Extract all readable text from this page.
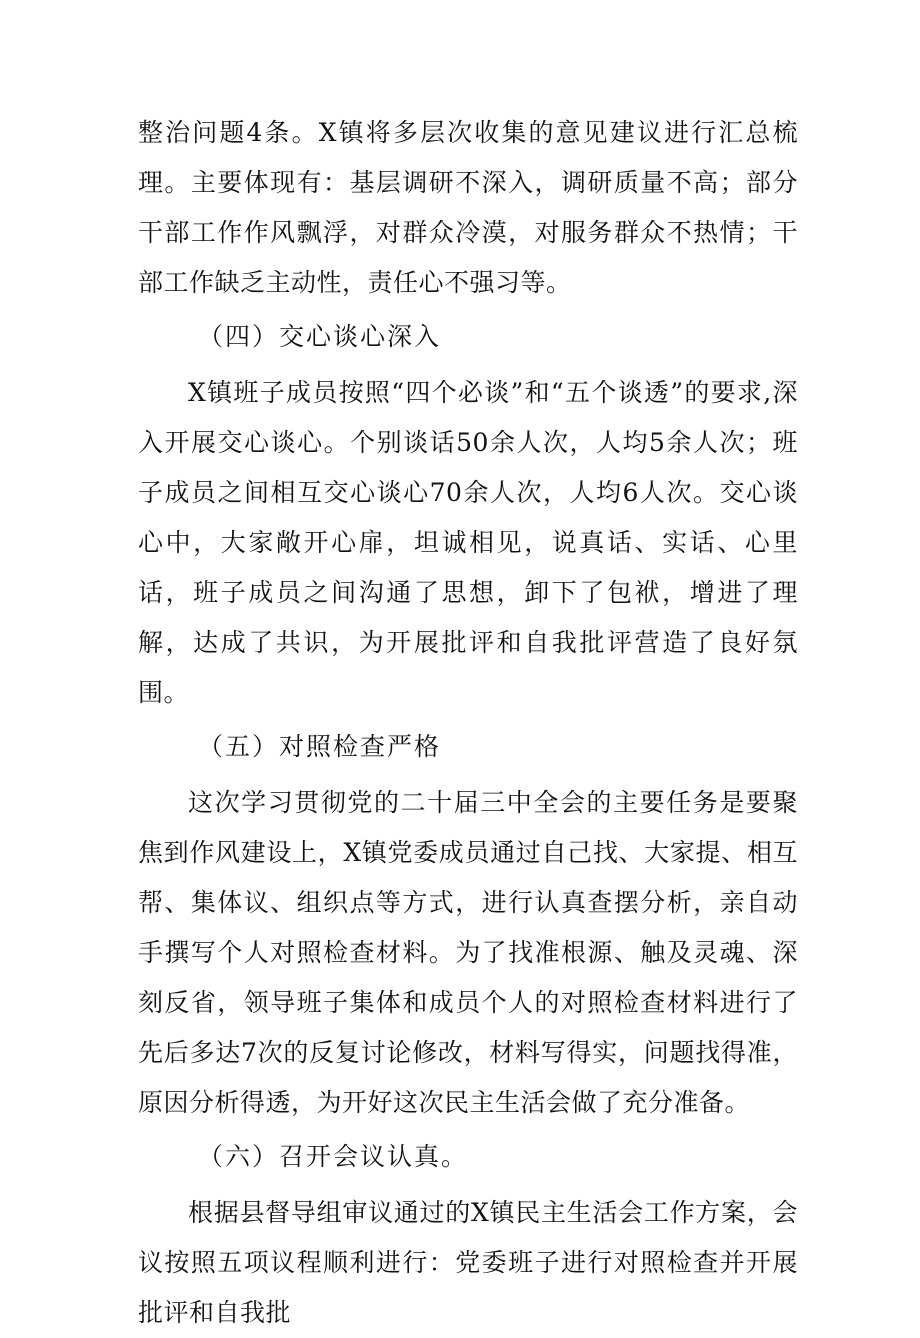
整治问题4条。X镇将多层次收集的意见建议进行汇总梳理。主要体现有：基层调研不深入，调研质量不高；部分干部工作作风飘浮，对群众冷漠，对服务群众不热情；干部工作缺乏主动性，责任心不强习等。

（四）交心谈心深入

X镇班子成员按照“四个必谈”和“五个谈透”的要求,深入开展交心谈心。个别谈话50余人次，人均5余人次；班子成员之间相互交心谈心70余人次，人均6人次。交心谈心中，大家敞开心扉，坦诚相见，说真话、实话、心里话，班子成员之间沟通了思想，卸下了包袱，增进了理解，达成了共识，为开展批评和自我批评营造了良好氛围。

（五）对照检查严格

这次学习贯彻党的二十届三中全会的主要任务是要聚焦到作风建设上，X镇党委成员通过自己找、大家提、相互帮、集体议、组织点等方式，进行认真查摆分析，亲自动手撰写个人对照检查材料。为了找准根源、触及灵魂、深刻反省，领导班子集体和成员个人的对照检查材料进行了先后多达7次的反复讨论修改，材料写得实，问题找得准，原因分析得透，为开好这次民主生活会做了充分准备。

（六）召开会议认真。

根据县督导组审议通过的X镇民主生活会工作方案，会议按照五项议程顺利进行：党委班子进行对照检查并开展批评和自我批
